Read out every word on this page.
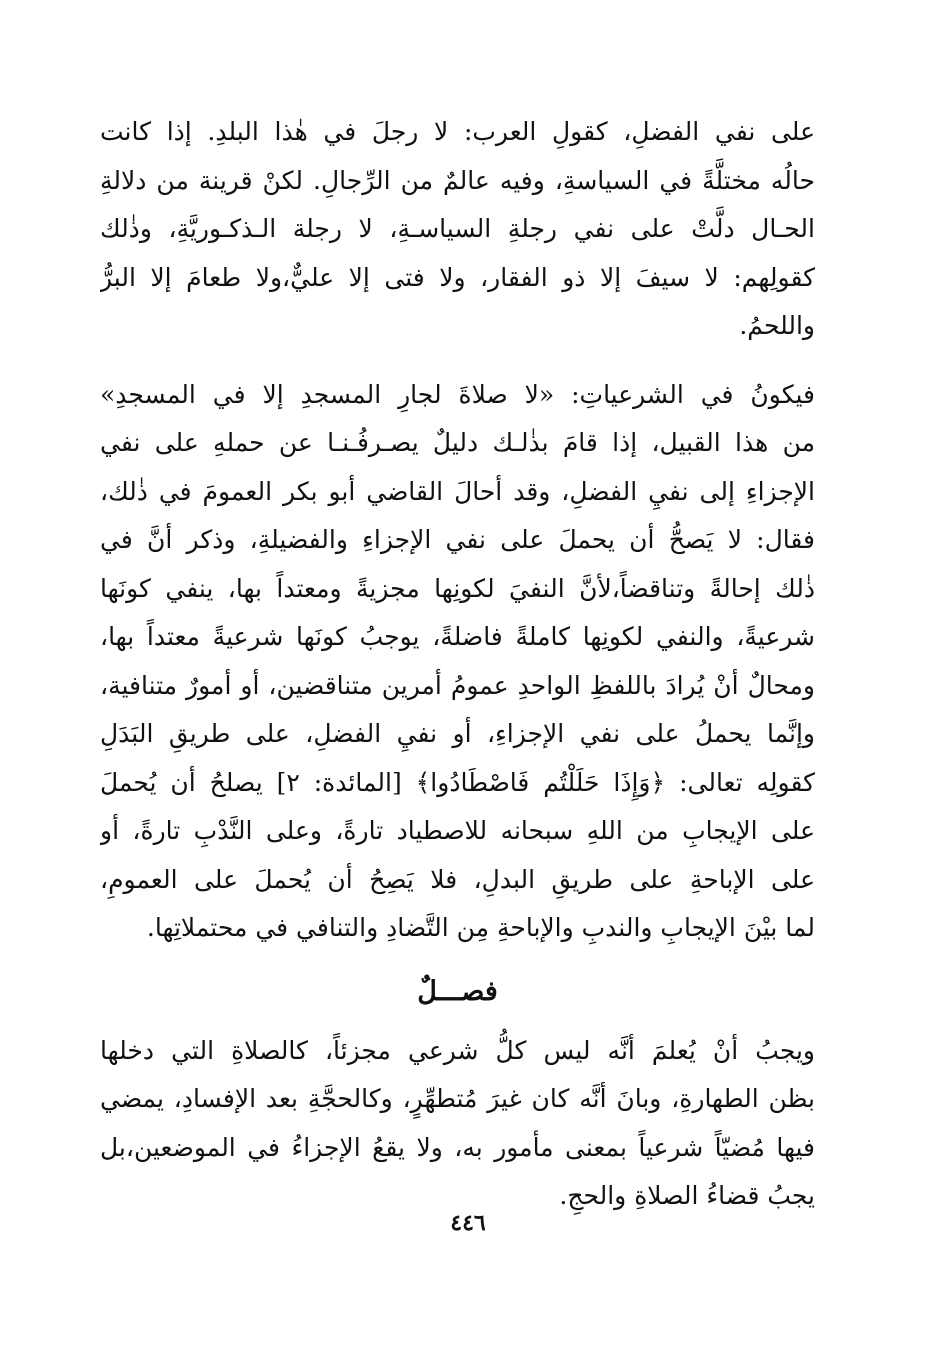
على نفي الفضلِ، كقولِ العرب: لا رجلَ في هٰذا البلدِ. إذا كانت
حالُه مختلَّةً في السياسةِ، وفيه عالمٌ من الرِّجالِ. لكنْ قرينة من دلالةِ
الحـال دلَّتْ على نفي رجلةِ السياسـةِ، لا رجلة الـذكـوريَّةِ، وذٰلك
كقولِهم: لا سيفَ إلا ذو الفقار، ولا فتى إلا عليٌّ،ولا طعامَ إلا البرُّ
واللحمُ.
فيكونُ في الشرعياتِ: «لا صلاةَ لجارِ المسجدِ إلا في المسجدِ»
من هذا القبيل، إذا قامَ بذٰلـك دليلٌ يصـرفُـنـا عن حملهِ على نفي
الإجزاءِ إلى نفيِ الفضلِ، وقد أحالَ القاضي أبو بكر العمومَ في ذٰلك،
فقال: لا يَصحُّ أن يحملَ على نفي الإجزاءِ والفضيلةِ، وذكر أنَّ في
ذٰلك إحالةً وتناقضاً،لأنَّ النفيَ لكونِها مجزيةً ومعتداً بها، ينفي كونَها
شرعيةً، والنفي لكونِها كاملةً فاضلةً، يوجبُ كونَها شرعيةً معتداً بها،
ومحالٌ أنْ يُرادَ باللفظِ الواحدِ عمومُ أمرين متناقضين، أو أمورٌ متنافية،
وإنَّما يحملُ على نفي الإجزاءِ، أو نفيِ الفضلِ، على طريقِ البَدَلِ
كقولِه تعالى: ﴿وَإِذَا حَلَلْتُم فَاصْطَادُوا﴾ [المائدة: ٢] يصلحُ أن يُحملَ
على الإيجابِ من اللهِ سبحانه للاصطياد تارةً، وعلى النَّدْبِ تارةً، أو
على الإباحةِ على طريقِ البدلِ، فلا يَصِحُ أن يُحملَ على العمومِ،
لما بيْنَ الإيجابِ والندبِ والإباحةِ مِن التَّضادِ والتنافي في محتملاتِها.
فصـــلٌ
ويجبُ أنْ يُعلمَ أنَّه ليس كلُّ شرعي مجزئاً، كالصلاةِ التي دخلها
بظن الطهارةِ، وبانَ أنَّه كان غيرَ مُتطهِّرٍ، وكالحجَّةِ بعد الإفسادِ، يمضي
فيها مُضيّاً شرعياً بمعنى مأمور به، ولا يقعُ الإجزاءُ في الموضعين،بل
يجبُ قضاءُ الصلاةِ والحجِ.
٤٤٦
